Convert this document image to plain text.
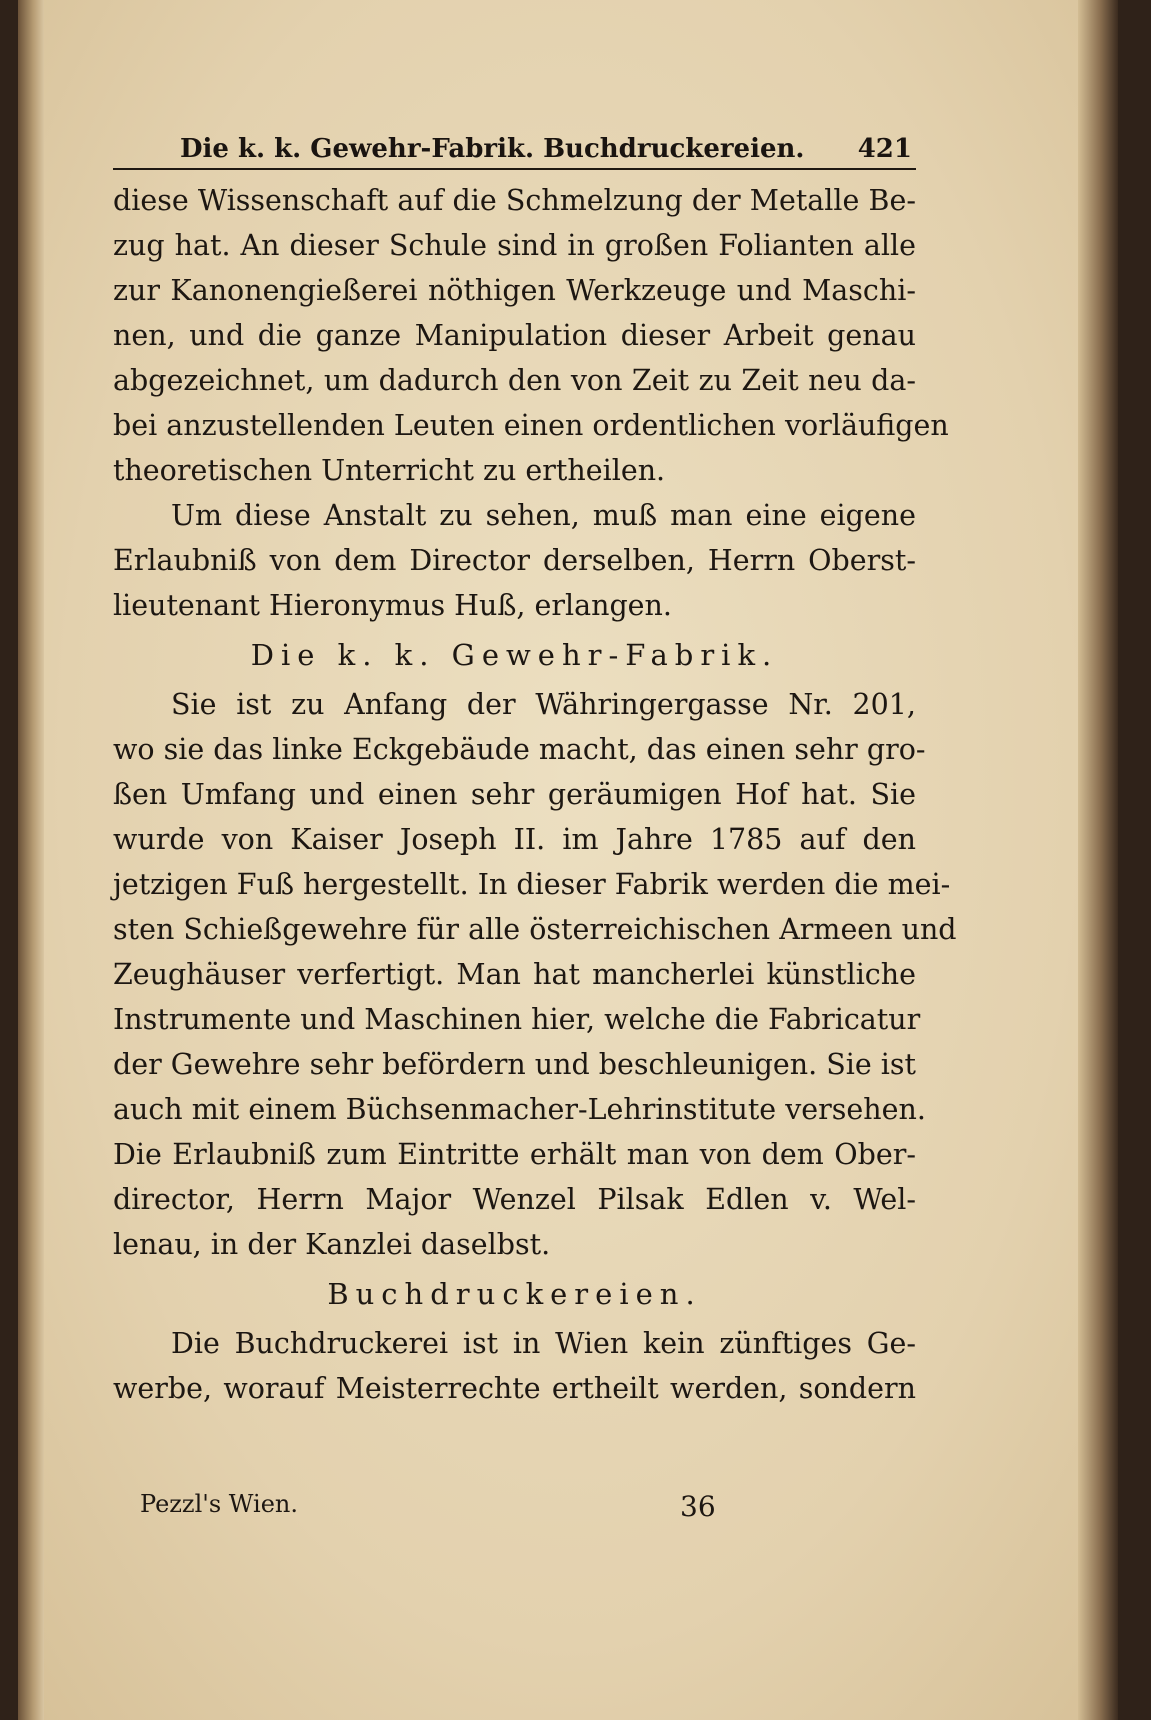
Die k. k. Gewehr-Fabrik. Buchdruckereien. 421
diese Wissenschaft auf die Schmelzung der Metalle Be-
zug hat. An dieser Schule sind in großen Folianten alle
zur Kanonengießerei nöthigen Werkzeuge und Maschi-
nen, und die ganze Manipulation dieser Arbeit genau
abgezeichnet, um dadurch den von Zeit zu Zeit neu da-
bei anzustellenden Leuten einen ordentlichen vorläufigen
theoretischen Unterricht zu ertheilen.
Um diese Anstalt zu sehen, muß man eine eigene
Erlaubniß von dem Director derselben, Herrn Oberst-
lieutenant Hieronymus Huß, erlangen.
Die k. k. Gewehr-Fabrik.
Sie ist zu Anfang der Währingergasse Nr. 201,
wo sie das linke Eckgebäude macht, das einen sehr gro-
ßen Umfang und einen sehr geräumigen Hof hat. Sie
wurde von Kaiser Joseph II. im Jahre 1785 auf den
jetzigen Fuß hergestellt. In dieser Fabrik werden die mei-
sten Schießgewehre für alle österreichischen Armeen und
Zeughäuser verfertigt. Man hat mancherlei künstliche
Instrumente und Maschinen hier, welche die Fabricatur
der Gewehre sehr befördern und beschleunigen. Sie ist
auch mit einem Büchsenmacher-Lehrinstitute versehen.
Die Erlaubniß zum Eintritte erhält man von dem Ober-
director, Herrn Major Wenzel Pilsak Edlen v. Wel-
lenau, in der Kanzlei daselbst.
Buchdruckereien.
Die Buchdruckerei ist in Wien kein zünftiges Ge-
werbe, worauf Meisterrechte ertheilt werden, sondern
Pezzl's Wien.	36
